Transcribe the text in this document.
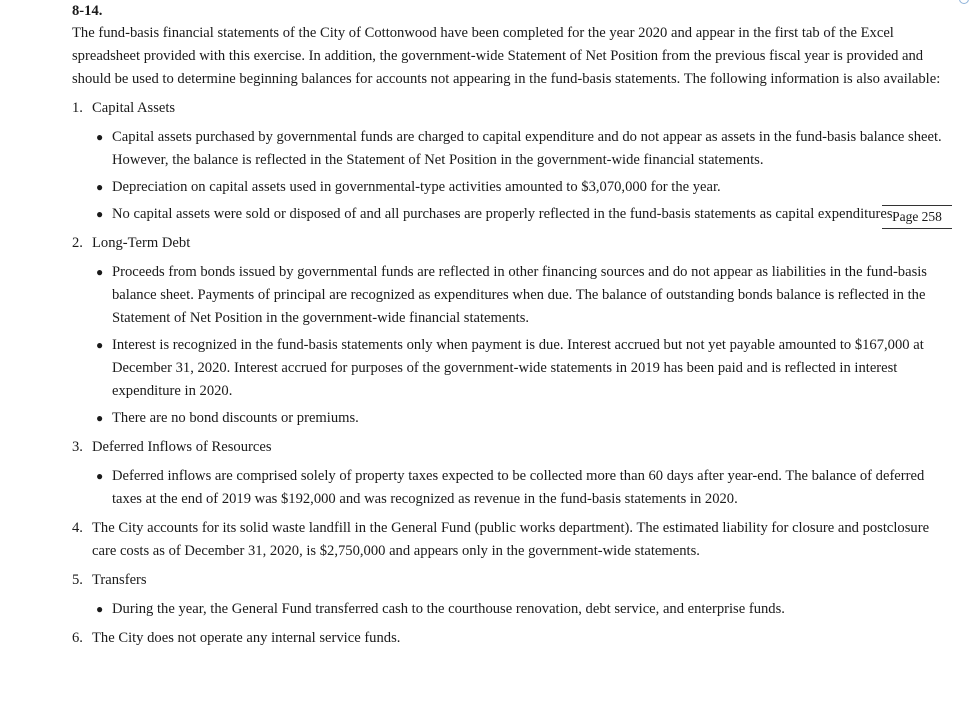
8-14.

The fund-basis financial statements of the City of Cottonwood have been completed for the year 2020 and appear in the first tab of the Excel spreadsheet provided with this exercise. In addition, the government-wide Statement of Net Position from the previous fiscal year is provided and should be used to determine beginning balances for accounts not appearing in the fund-basis statements. The following information is also available:

1. Capital Assets
● Capital assets purchased by governmental funds are charged to capital expenditure and do not appear as assets in the fund-basis balance sheet. However, the balance is reflected in the Statement of Net Position in the government-wide financial statements.
● Depreciation on capital assets used in governmental-type activities amounted to $3,070,000 for the year.
● No capital assets were sold or disposed of and all purchases are properly reflected in the fund-basis statements as capital expenditures.
2. Long-Term Debt
● Proceeds from bonds issued by governmental funds are reflected in other financing sources and do not appear as liabilities in the fund-basis balance sheet. Payments of principal are recognized as expenditures when due. The balance of outstanding bonds balance is reflected in the Statement of Net Position in the government-wide financial statements.
● Interest is recognized in the fund-basis statements only when payment is due. Interest accrued but not yet payable amounted to $167,000 at December 31, 2020. Interest accrued for purposes of the government-wide statements in 2019 has been paid and is reflected in interest expenditure in 2020.
● There are no bond discounts or premiums.
3. Deferred Inflows of Resources
● Deferred inflows are comprised solely of property taxes expected to be collected more than 60 days after year-end. The balance of deferred taxes at the end of 2019 was $192,000 and was recognized as revenue in the fund-basis statements in 2020.
4. The City accounts for its solid waste landfill in the General Fund (public works department). The estimated liability for closure and postclosure care costs as of December 31, 2020, is $2,750,000 and appears only in the government-wide statements.
5. Transfers
● During the year, the General Fund transferred cash to the courthouse renovation, debt service, and enterprise funds.
6. The City does not operate any internal service funds.
Page 258
